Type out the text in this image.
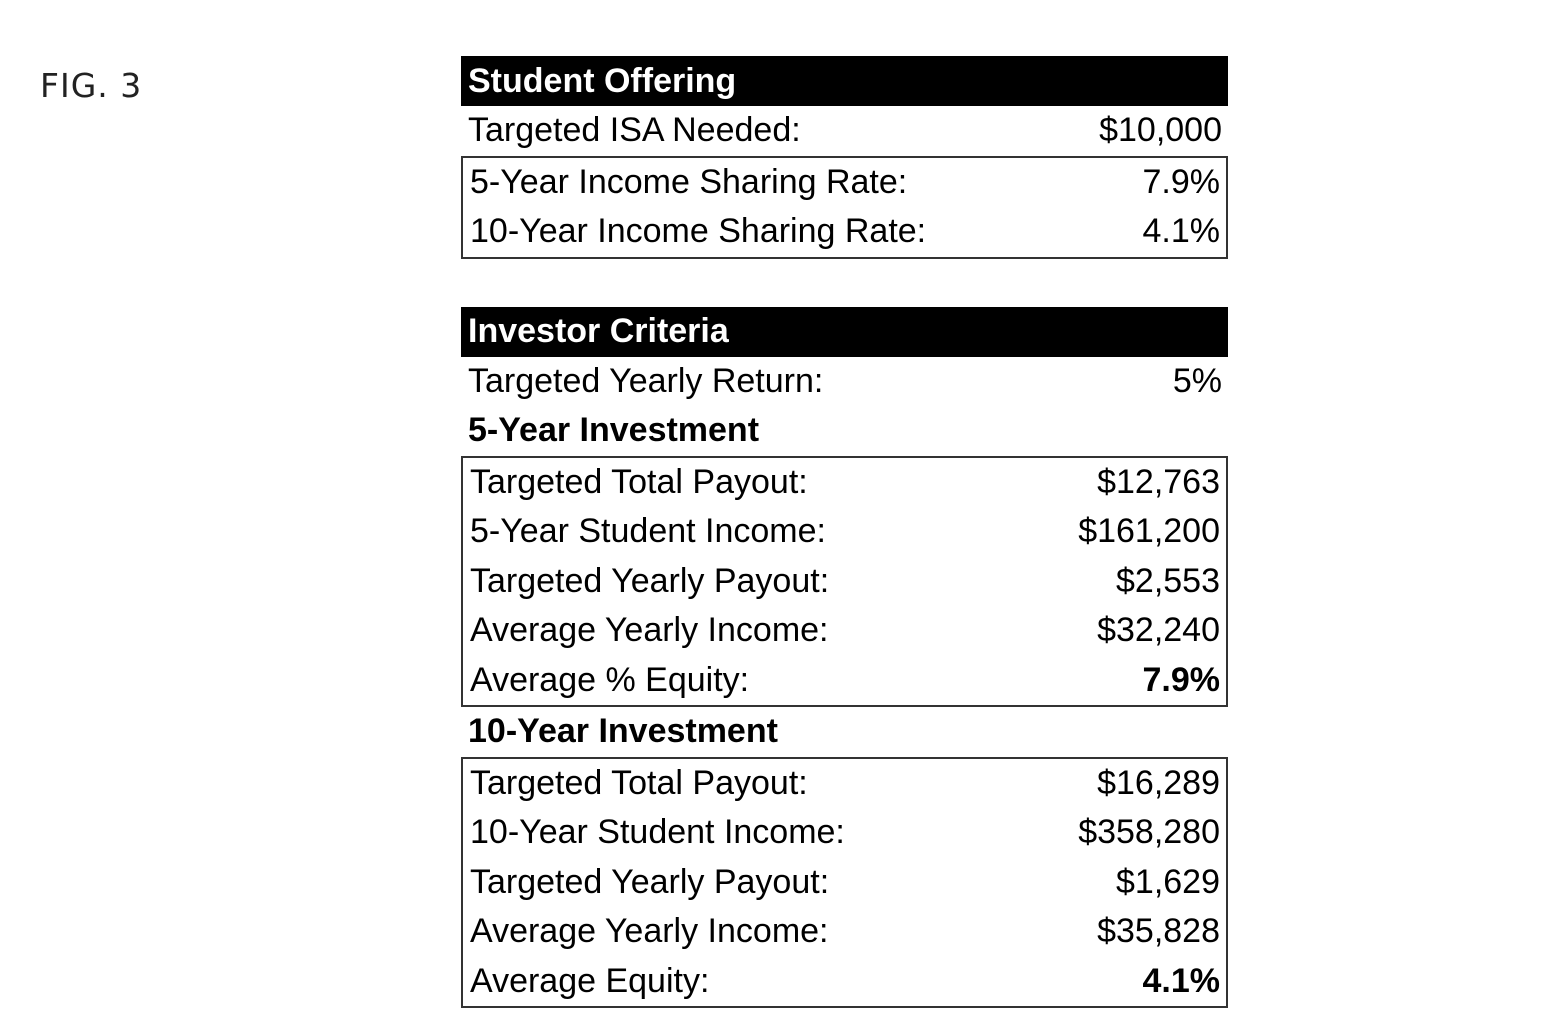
FIG. 3	Student Offering
Targeted ISA Needed:	$10,000
5-Year Income Sharing Rate:	7.9%
10-Year Income Sharing Rate:	4.1%
Investor Criteria
Targeted Yearly Return:	5%
5-Year Investment
Targeted Total Payout:	$12,763
5-Year Student Income:	$161,200
Targeted Yearly Payout:	$2,553
Average Yearly Income:	$32,240
Average % Equity:	7.9%
10-Year Investment
Targeted Total Payout:	$16,289
10-Year Student Income:	$358,280
Targeted Yearly Payout:	$1,629
Average Yearly Income:	$35,828
Average Equity:	4.1%
